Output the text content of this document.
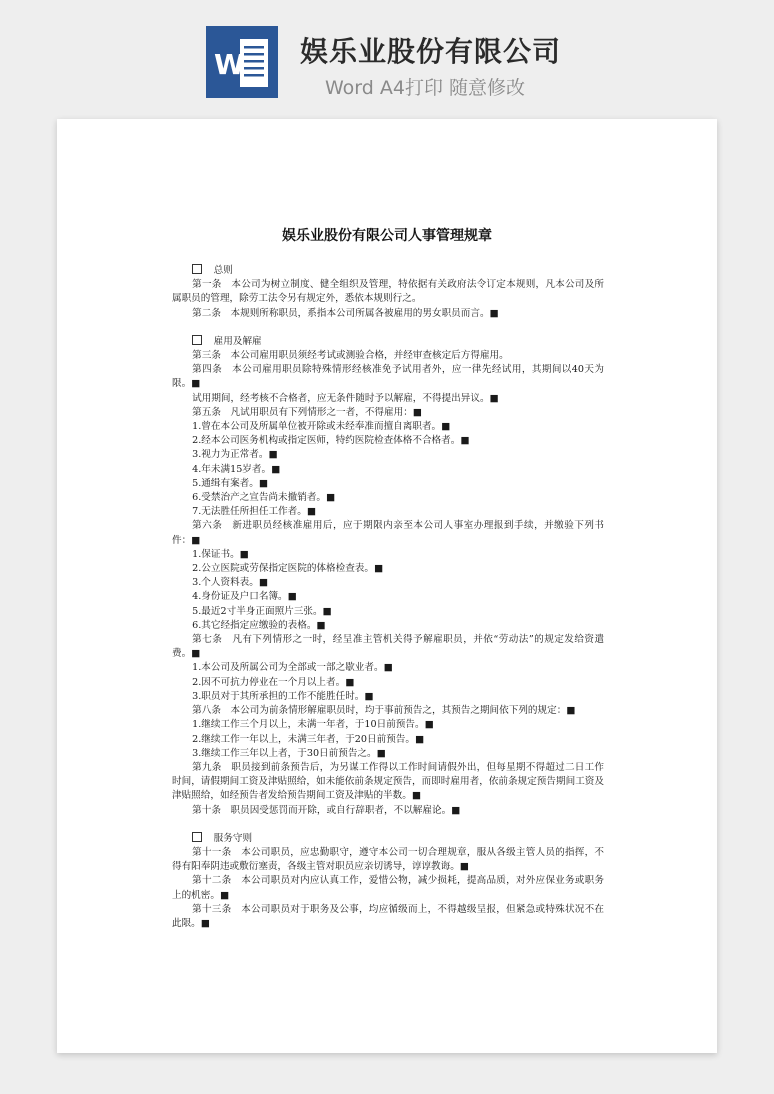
W 娱乐业股份有限公司
Word A4打印 随意修改
娱乐业股份有限公司人事管理规章

总则

第一条　本公司为树立制度、健全组织及管理，特依据有关政府法令订定本规则，凡本公司及所属职员的管理，除劳工法令另有规定外，悉依本规则行之。

第二条　本规则所称职员，系指本公司所属各被雇用的男女职员而言。■

雇用及解雇

第三条　本公司雇用职员须经考试或测验合格，并经审查核定后方得雇用。

第四条　本公司雇用职员除特殊情形经核准免予试用者外，应一律先经试用，其期间以40天为限。■

试用期间，经考核不合格者，应无条件随时予以解雇，不得提出异议。■

第五条　凡试用职员有下列情形之一者，不得雇用：■

1.曾在本公司及所属单位被开除或未经奉准而擅自离职者。■

2.经本公司医务机构或指定医师，特约医院检查体格不合格者。■

3.视力为正常者。■

4.年未满15岁者。■

5.通缉有案者。■

6.受禁治产之宣告尚未撤销者。■

7.无法胜任所担任工作者。■

第六条　新进职员经核准雇用后，应于期限内亲至本公司人事室办理报到手续，并缴验下列书件：■

1.保证书。■

2.公立医院或劳保指定医院的体格检查表。■

3.个人资料表。■

4.身份证及户口名簿。■

5.最近2寸半身正面照片三张。■

6.其它经指定应缴验的表格。■

第七条　凡有下列情形之一时，经呈准主管机关得予解雇职员，并依“劳动法”的规定发给资遣费。■

1.本公司及所属公司为全部或一部之歇业者。■

2.因不可抗力停业在一个月以上者。■

3.职员对于其所承担的工作不能胜任时。■

第八条　本公司为前条情形解雇职员时，均于事前预告之，其预告之期间依下列的规定：■

1.继续工作三个月以上，未满一年者，于10日前预告。■

2.继续工作一年以上，未满三年者，于20日前预告。■

3.继续工作三年以上者，于30日前预告之。■

第九条　职员接到前条预告后，为另谋工作得以工作时间请假外出，但每星期不得超过二日工作时间，请假期间工资及津贴照给，如未能依前条规定预告，而即时雇用者，依前条规定预告期间工资及津贴照给，如经预告者发给预告期间工资及津贴的半数。■

第十条　职员因受惩罚而开除，或自行辞职者，不以解雇论。■

服务守则

第十一条　本公司职员，应忠勤职守，遵守本公司一切合理规章，服从各级主管人员的指挥，不得有阳奉阴违或敷衍塞责，各级主管对职员应亲切诱导，谆谆教诲。■

第十二条　本公司职员对内应认真工作，爱惜公物，减少损耗，提高品质，对外应保业务或职务上的机密。■

第十三条　本公司职员对于职务及公事，均应循级而上，不得越级呈报，但紧急或特殊状况不在此限。■
